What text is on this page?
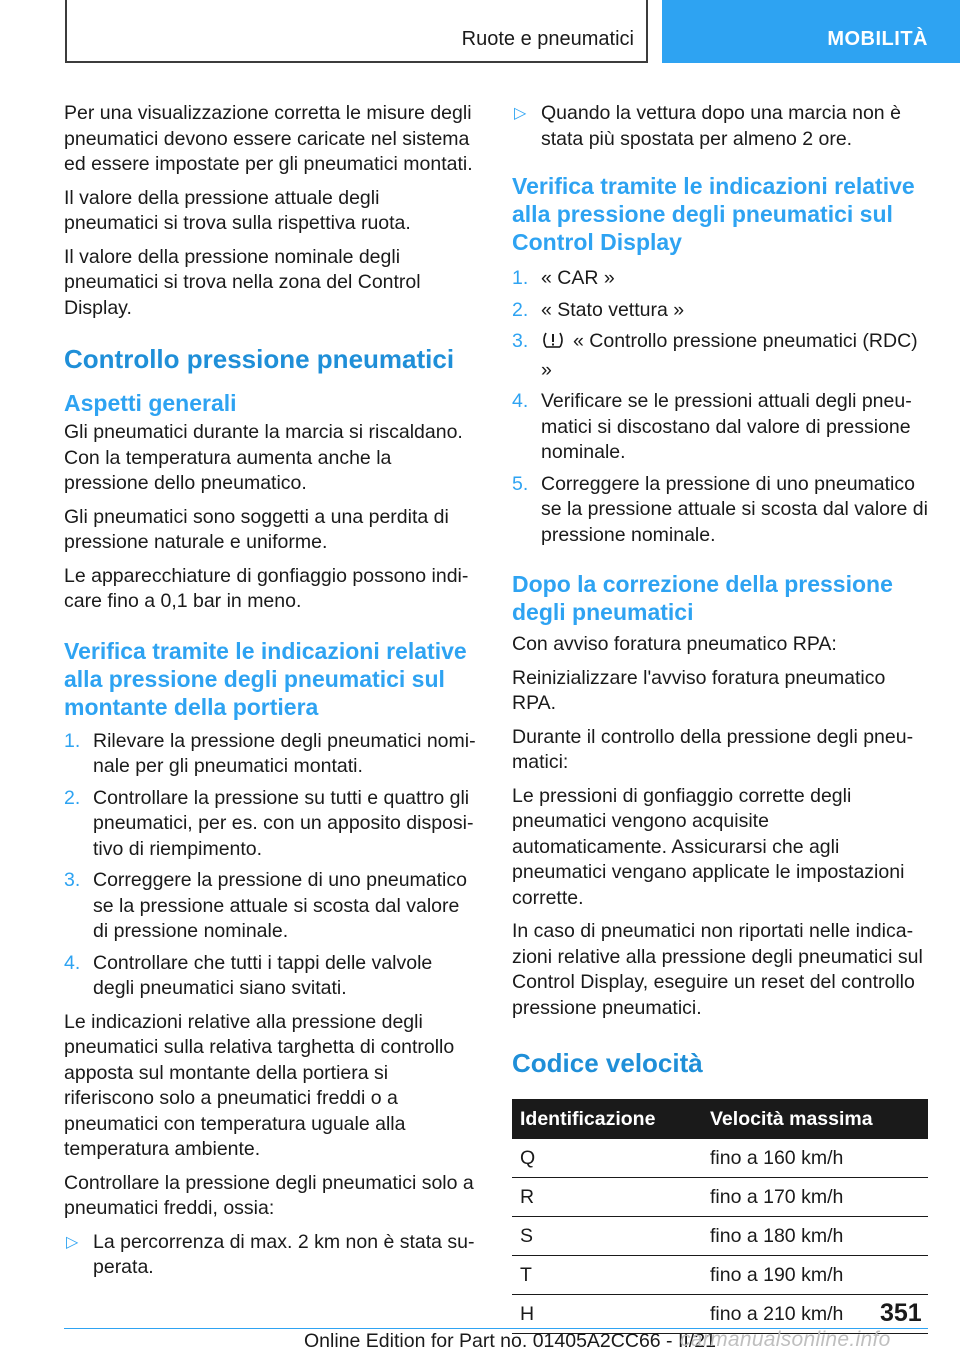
Ruote e pneumatici	MOBILITÀ

Per una visualizzazione corretta le misure degli pneumatici devono essere caricate nel sistema ed essere impostate per gli pneumatici montati.

Il valore della pressione attuale degli pneumatici si trova sulla rispettiva ruota.

Il valore della pressione nominale degli pneumatici si trova nella zona del Control Display.

Controllo pressione pneumatici
Aspetti generali

Gli pneumatici durante la marcia si riscaldano. Con la temperatura aumenta anche la pressione dello pneumatico.

Gli pneumatici sono soggetti a una perdita di pressione naturale e uniforme.

Le apparecchiature di gonfiaggio possono indicare fino a 0,1 bar in meno.

Verifica tramite le indicazioni relative alla pressione degli pneumatici sul montante della portiera
1. Rilevare la pressione degli pneumatici nominale per gli pneumatici montati.
2. Controllare la pressione su tutti e quattro gli pneumatici, per es. con un apposito dispositivo di riempimento.
3. Correggere la pressione di uno pneumatico se la pressione attuale si scosta dal valore di pressione nominale.
4. Controllare che tutti i tappi delle valvole degli pneumatici siano svitati.

Le indicazioni relative alla pressione degli pneumatici sulla relativa targhetta di controllo apposta sul montante della portiera si riferiscono solo a pneumatici freddi o a pneumatici con temperatura uguale alla temperatura ambiente.

Controllare la pressione degli pneumatici solo a pneumatici freddi, ossia:

▷ La percorrenza di max. 2 km non è stata superata.
▷ Quando la vettura dopo una marcia non è stata più spostata per almeno 2 ore.
Verifica tramite le indicazioni relative alla pressione degli pneumatici sul Control Display
1. « CAR »
2. « Stato vettura »
3. « Controllo pressione pneumatici (RDC) »
4. Verificare se le pressioni attuali degli pneumatici si discostano dal valore di pressione nominale.
5. Correggere la pressione di uno pneumatico se la pressione attuale si scosta dal valore di pressione nominale.
Dopo la correzione della pressione degli pneumatici

Con avviso foratura pneumatico RPA:

Reinizializzare l'avviso foratura pneumatico RPA.

Durante il controllo della pressione degli pneumatici:

Le pressioni di gonfiaggio corrette degli pneumatici vengono acquisite automaticamente. Assicurarsi che agli pneumatici vengano applicate le impostazioni corrette.

In caso di pneumatici non riportati nelle indicazioni relative alla pressione degli pneumatici sul Control Display, eseguire un reset del controllo pressione pneumatici.

Codice velocità
Identificazione	Velocità massima
Q	fino a 160 km/h
R	fino a 170 km/h
S	fino a 180 km/h
T	fino a 190 km/h
H	fino a 210 km/h 351
Online Edition for Part no. 01405A2CC66 - II/21
carmanualsonline.info
